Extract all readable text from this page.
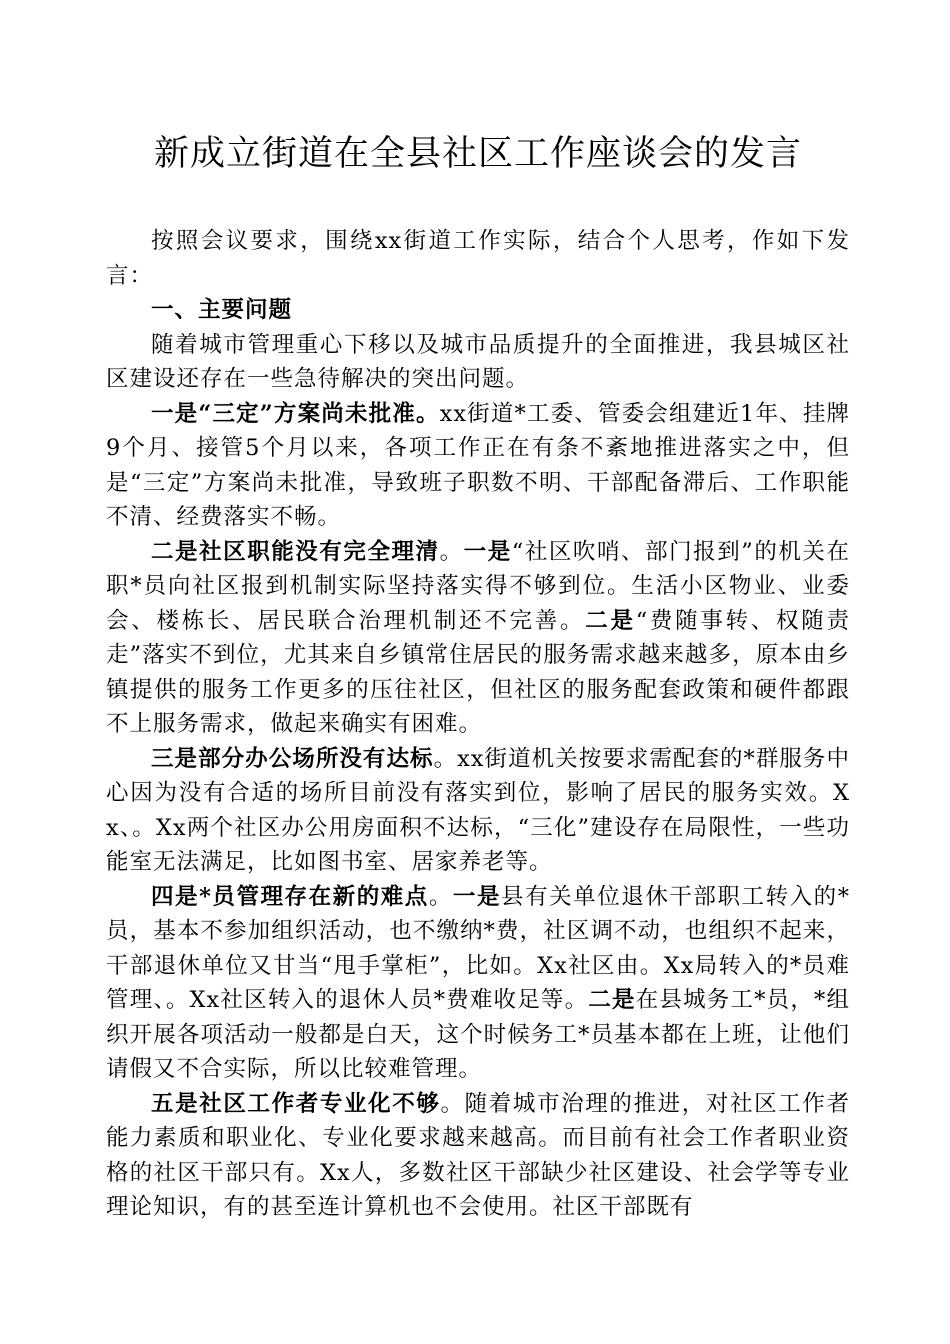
新成立街道在全县社区工作座谈会的发言

按照会议要求，围绕xx街道工作实际，结合个人思考，作如下发言：

一、主要问题

随着城市管理重心下移以及城市品质提升的全面推进，我县城区社区建设还存在一些急待解决的突出问题。

一是“三定”方案尚未批准。xx街道*工委、管委会组建近1年、挂牌9个月、接管5个月以来，各项工作正在有条不紊地推进落实之中，但是“三定”方案尚未批准，导致班子职数不明、干部配备滞后、工作职能不清、经费落实不畅。

二是社区职能没有完全理清。一是“社区吹哨、部门报到”的机关在职*员向社区报到机制实际坚持落实得不够到位。生活小区物业、业委会、楼栋长、居民联合治理机制还不完善。二是“费随事转、权随责走”落实不到位，尤其来自乡镇常住居民的服务需求越来越多，原本由乡镇提供的服务工作更多的压往社区，但社区的服务配套政策和硬件都跟不上服务需求，做起来确实有困难。

三是部分办公场所没有达标。xx街道机关按要求需配套的*群服务中心因为没有合适的场所目前没有落实到位，影响了居民的服务实效。Xx、。Xx两个社区办公用房面积不达标，“三化”建设存在局限性，一些功能室无法满足，比如图书室、居家养老等。

四是*员管理存在新的难点。一是县有关单位退休干部职工转入的*员，基本不参加组织活动，也不缴纳*费，社区调不动，也组织不起来，干部退休单位又甘当“甩手掌柜”，比如。Xx社区由。Xx局转入的*员难管理、。Xx社区转入的退休人员*费难收足等。二是在县城务工*员，*组织开展各项活动一般都是白天，这个时候务工*员基本都在上班，让他们请假又不合实际，所以比较难管理。

五是社区工作者专业化不够。随着城市治理的推进，对社区工作者能力素质和职业化、专业化要求越来越高。而目前有社会工作者职业资格的社区干部只有。Xx人，多数社区干部缺少社区建设、社会学等专业理论知识，有的甚至连计算机也不会使用。社区干部既有
